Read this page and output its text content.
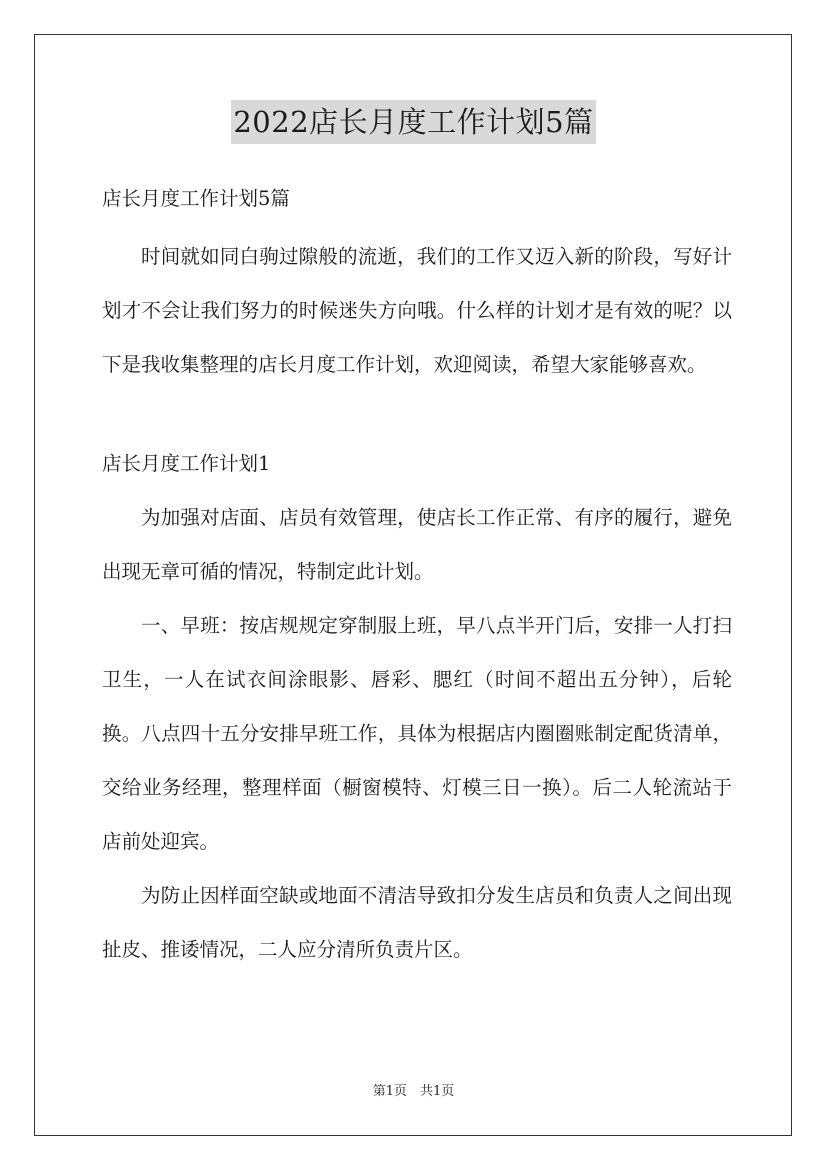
2022店长月度工作计划5篇

店长月度工作计划5篇

时间就如同白驹过隙般的流逝，我们的工作又迈入新的阶段，写好计划才不会让我们努力的时候迷失方向哦。什么样的计划才是有效的呢？以下是我收集整理的店长月度工作计划，欢迎阅读，希望大家能够喜欢。

店长月度工作计划1

为加强对店面、店员有效管理，使店长工作正常、有序的履行，避免出现无章可循的情况，特制定此计划。

一、早班：按店规规定穿制服上班，早八点半开门后，安排一人打扫卫生，一人在试衣间涂眼影、唇彩、腮红（时间不超出五分钟），后轮换。八点四十五分安排早班工作，具体为根据店内圈圈账制定配货清单，交给业务经理，整理样面（橱窗模特、灯模三日一换）。后二人轮流站于店前处迎宾。

为防止因样面空缺或地面不清洁导致扣分发生店员和负责人之间出现扯皮、推诿情况，二人应分清所负责片区。

第1页　共1页
